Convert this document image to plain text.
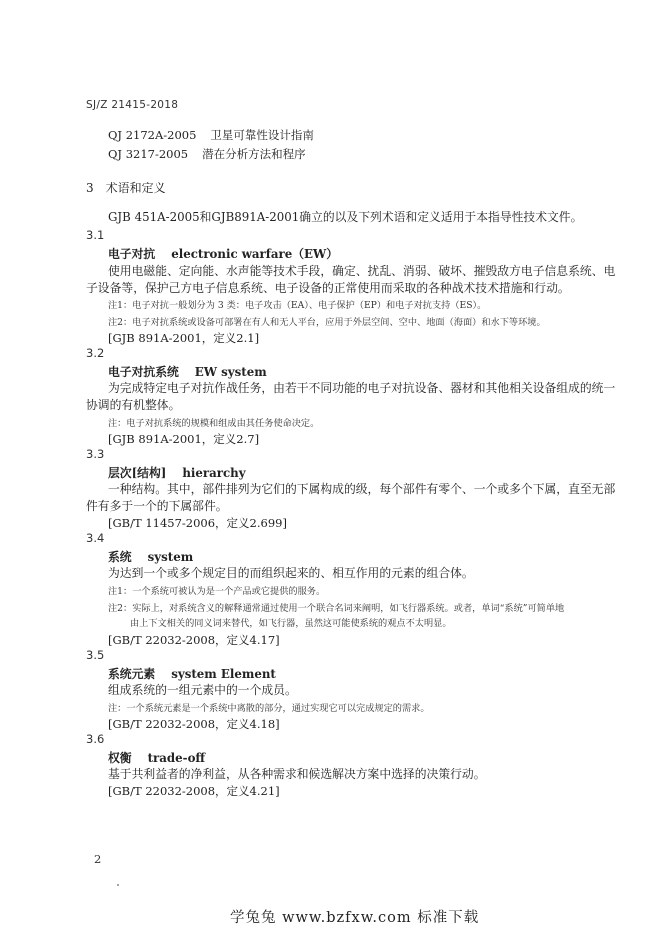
SJ/Z 21415-2018
QJ 2172A-2005 卫星可靠性设计指南
QJ 3217-2005 潜在分析方法和程序
3 术语和定义
GJB 451A-2005和GJB891A-2001确立的以及下列术语和定义适用于本指导性技术文件。
3.1
电子对抗 electronic warfare（EW）
使用电磁能、定向能、水声能等技术手段，确定、扰乱、消弱、破坏、摧毁敌方电子信息系统、电
子设备等，保护己方电子信息系统、电子设备的正常使用而采取的各种战术技术措施和行动。
注1：电子对抗一般划分为 3 类：电子攻击（EA）、电子保护（EP）和电子对抗支持（ES）。
注2：电子对抗系统或设备可部署在有人和无人平台，应用于外层空间、空中、地面（海面）和水下等环境。
[GJB 891A-2001，定义2.1]
3.2
电子对抗系统 EW system
为完成特定电子对抗作战任务，由若干不同功能的电子对抗设备、器材和其他相关设备组成的统一
协调的有机整体。
注：电子对抗系统的规模和组成由其任务使命决定。
[GJB 891A-2001，定义2.7]
3.3
层次[结构] hierarchy
一种结构。其中，部件排列为它们的下属构成的级，每个部件有零个、一个或多个下属，直至无部
件有多于一个的下属部件。
[GB/T 11457-2006，定义2.699]
3.4
系统 system
为达到一个或多个规定目的而组织起来的、相互作用的元素的组合体。
注1：一个系统可被认为是一个产品或它提供的服务。
注2：实际上，对系统含义的解释通常通过使用一个联合名词来阐明，如飞行器系统。或者，单词“系统”可简单地
由上下文相关的同义词来替代，如飞行器，虽然这可能使系统的观点不太明显。
[GB/T 22032-2008，定义4.17]
3.5
系统元素 system Element
组成系统的一组元素中的一个成员。
注：一个系统元素是一个系统中离散的部分，通过实现它可以完成规定的需求。
[GB/T 22032-2008，定义4.18]
3.6
权衡 trade-off
基于共利益者的净利益，从各种需求和候选解决方案中选择的决策行动。
[GB/T 22032-2008，定义4.21]
2
学兔兔 www.bzfxw.com 标准下载
